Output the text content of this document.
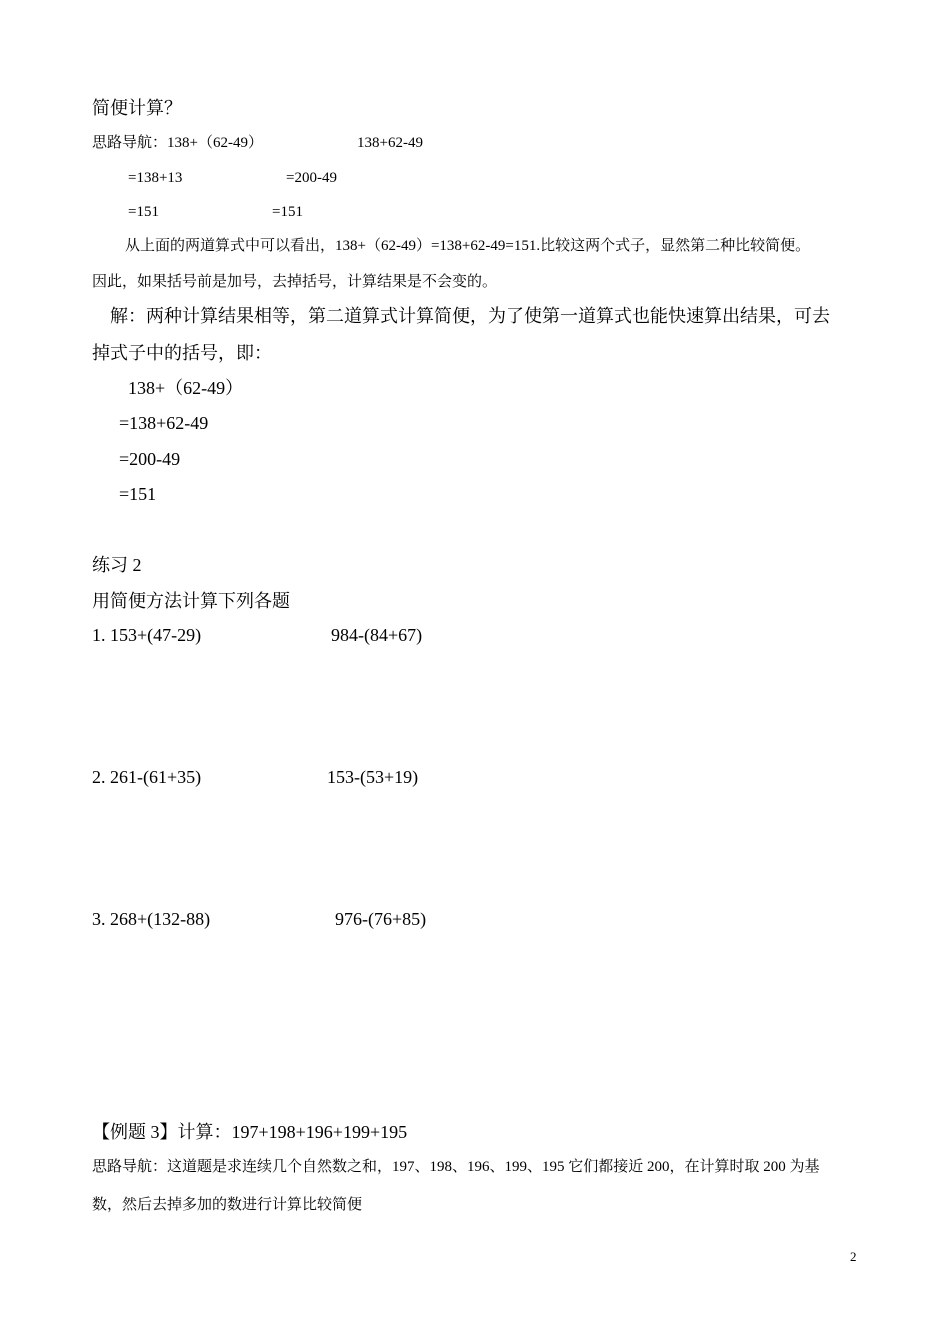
简便计算？
思路导航：138+（62-49）	138+62-49
=138+13	=200-49
=151	=151
从上面的两道算式中可以看出，138+（62-49）=138+62-49=151.比较这两个式子，显然第二种比较简便。
因此，如果括号前是加号，去掉括号，计算结果是不会变的。
解：两种计算结果相等，第二道算式计算简便，为了使第一道算式也能快速算出结果，可去
掉式子中的括号，即：
138+（62-49）
=138+62-49
=200-49
=151
练习 2
用简便方法计算下列各题
1. 153+(47-29)	984-(84+67)
2. 261-(61+35)	153-(53+19)
3. 268+(132-88)	976-(76+85)
【例题 3】计算：197+198+196+199+195
思路导航：这道题是求连续几个自然数之和，197、198、196、199、195 它们都接近 200，在计算时取 200 为基
数，然后去掉多加的数进行计算比较简便
2
